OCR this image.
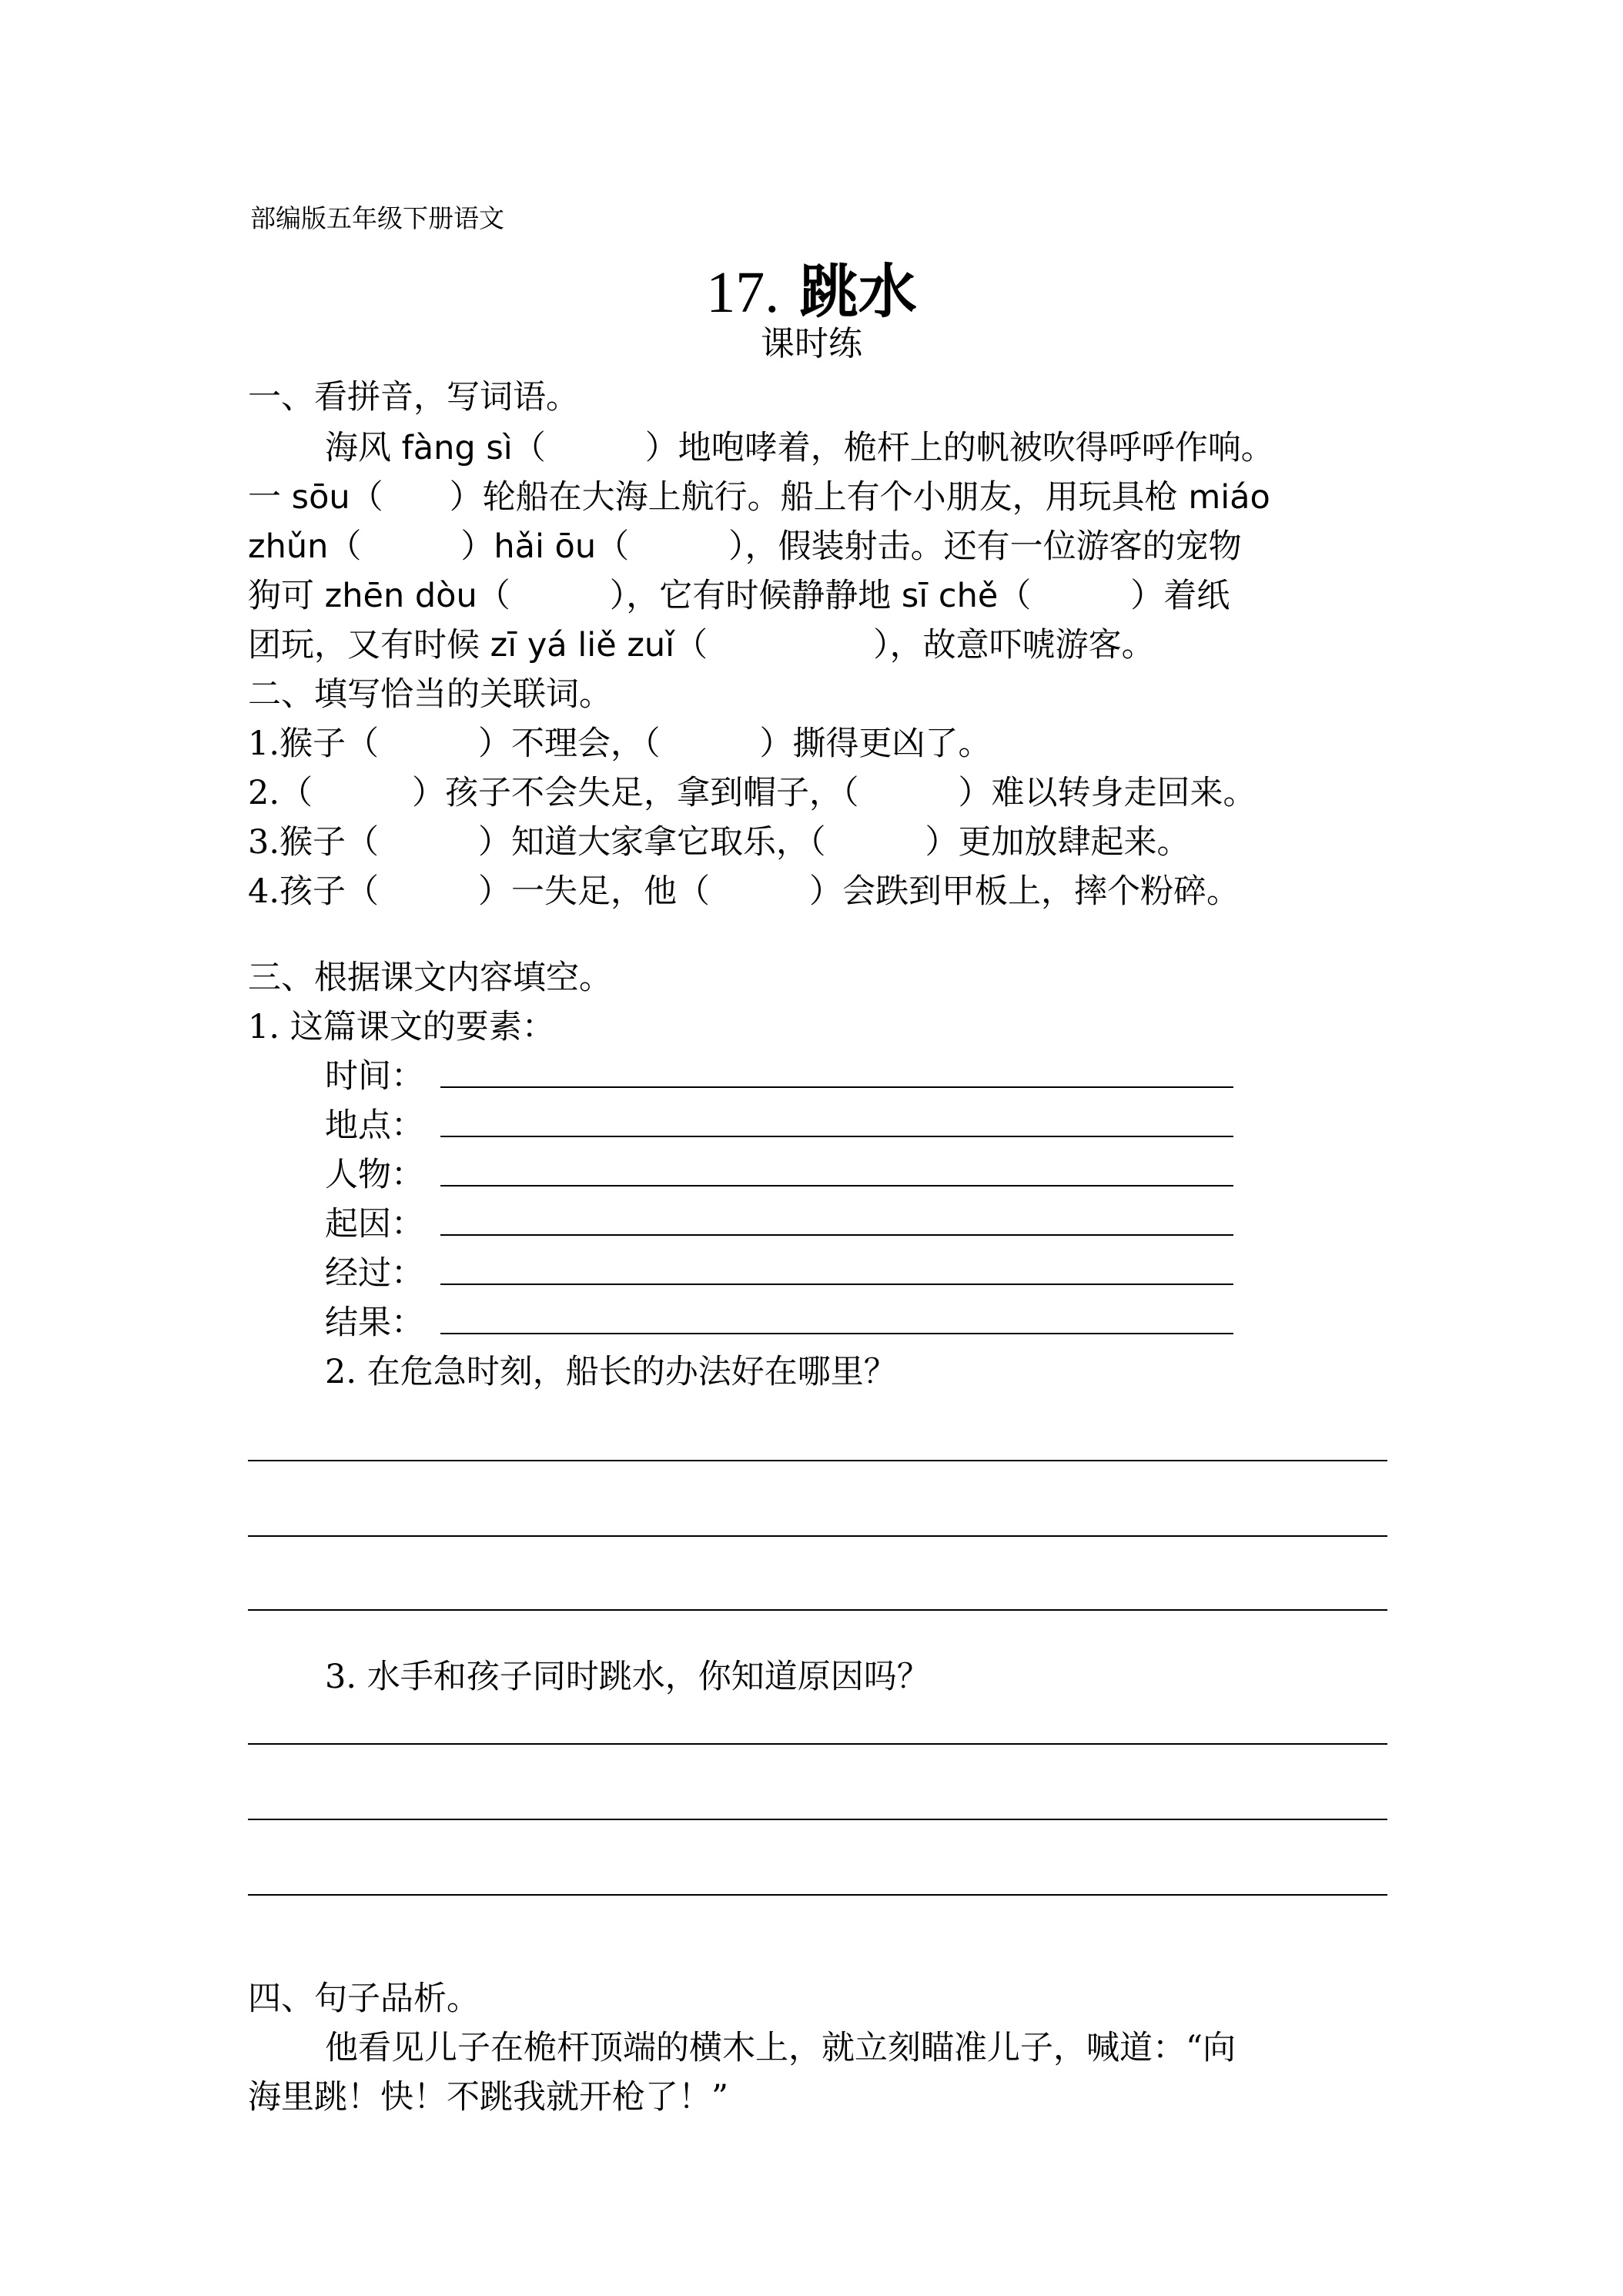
部编版五年级下册语文
17. 跳水
课时练
一、看拼音，写词语。
海风 fàng sì（　　　）地咆哮着，桅杆上的帆被吹得呼呼作响。
一 sōu（　　）轮船在大海上航行。船上有个小朋友，用玩具枪 miáo
zhǔn（　　　）hǎi ōu（　　　），假装射击。还有一位游客的宠物
狗可 zhēn dòu（　　　），它有时候静静地 sī chě（　　　）着纸
团玩，又有时候 zī yá liě zuǐ（　　　　　），故意吓唬游客。
二、填写恰当的关联词。
1.猴子（　　　）不理会，（　　　）撕得更凶了。
2.（　　　）孩子不会失足，拿到帽子，（　　　）难以转身走回来。
3.猴子（　　　）知道大家拿它取乐，（　　　）更加放肆起来。
4.孩子（　　　）一失足，他（　　　）会跌到甲板上，摔个粉碎。
三、根据课文内容填空。
1. 这篇课文的要素：
时间：
地点：
人物：
起因：
经过：
结果：
2. 在危急时刻，船长的办法好在哪里？
3. 水手和孩子同时跳水，你知道原因吗？
四、句子品析。
他看见儿子在桅杆顶端的横木上，就立刻瞄准儿子，喊道：“向
海里跳！快！不跳我就开枪了！”
